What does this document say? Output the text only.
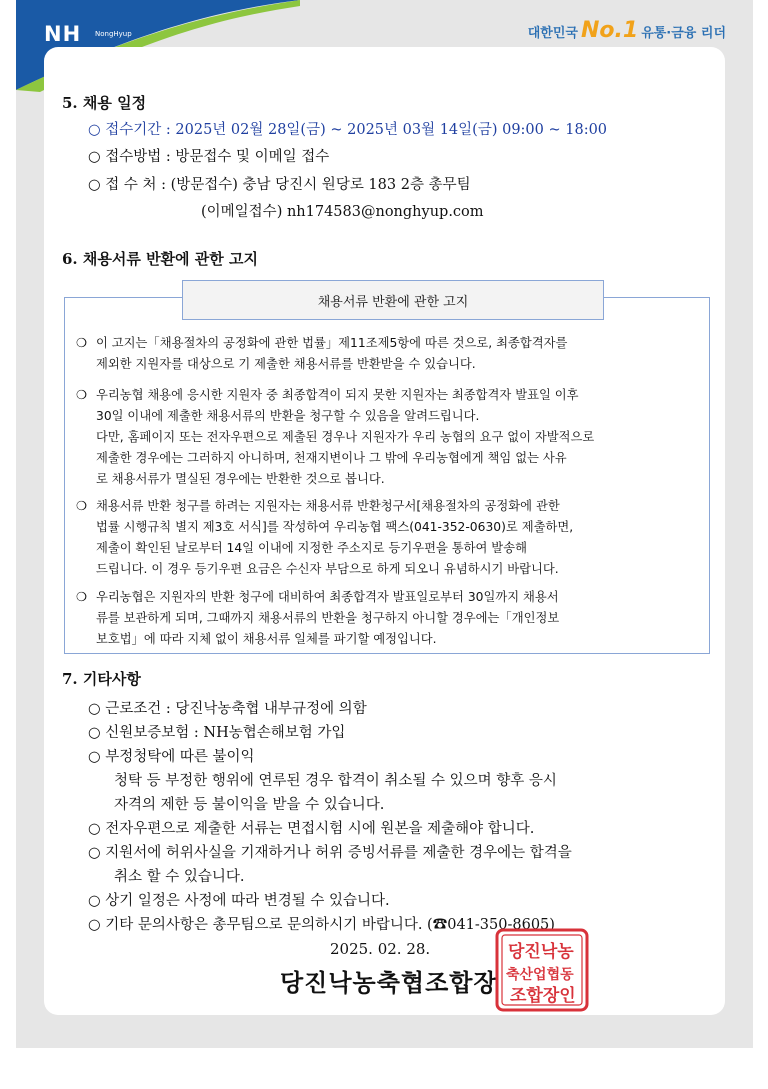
NH NongHyup	대한민국 No.1 유통·금융 리더
5. 채용 일정
○ 접수기간 : 2025년 02월 28일(금) ~ 2025년 03월 14일(금) 09:00 ~ 18:00
○ 접수방법 : 방문접수 및 이메일 접수
○ 접 수 처 : (방문접수) 충남 당진시 원당로 183 2층 총무팀
(이메일접수) nh174583@nonghyup.com
6. 채용서류 반환에 관한 고지
채용서류 반환에 관한 고지
❍ 이 고지는「채용절차의 공정화에 관한 법률」제11조제5항에 따른 것으로, 최종합격자를
제외한 지원자를 대상으로 기 제출한 채용서류를 반환받을 수 있습니다.
❍ 우리농협 채용에 응시한 지원자 중 최종합격이 되지 못한 지원자는 최종합격자 발표일 이후
30일 이내에 제출한 채용서류의 반환을 청구할 수 있음을 알려드립니다.
다만, 홈페이지 또는 전자우편으로 제출된 경우나 지원자가 우리 농협의 요구 없이 자발적으로
제출한 경우에는 그러하지 아니하며, 천재지변이나 그 밖에 우리농협에게 책임 없는 사유
로 채용서류가 멸실된 경우에는 반환한 것으로 봅니다.
❍ 채용서류 반환 청구를 하려는 지원자는 채용서류 반환청구서[채용절차의 공정화에 관한
법률 시행규칙 별지 제3호 서식]를 작성하여 우리농협 팩스(041-352-0630)로 제출하면,
제출이 확인된 날로부터 14일 이내에 지정한 주소지로 등기우편을 통하여 발송해
드립니다. 이 경우 등기우편 요금은 수신자 부담으로 하게 되오니 유념하시기 바랍니다.
❍ 우리농협은 지원자의 반환 청구에 대비하여 최종합격자 발표일로부터 30일까지 채용서
류를 보관하게 되며, 그때까지 채용서류의 반환을 청구하지 아니할 경우에는「개인정보
보호법」에 따라 지체 없이 채용서류 일체를 파기할 예정입니다.
7. 기타사항
○ 근로조건 : 당진낙농축협 내부규정에 의함
○ 신원보증보험 : NH농협손해보험 가입
○ 부정청탁에 따른 불이익
청탁 등 부정한 행위에 연루된 경우 합격이 취소될 수 있으며 향후 응시
자격의 제한 등 불이익을 받을 수 있습니다.
○ 전자우편으로 제출한 서류는 면접시험 시에 원본을 제출해야 합니다.
○ 지원서에 허위사실을 기재하거나 허위 증빙서류를 제출한 경우에는 합격을
취소 할 수 있습니다.
○ 상기 일정은 사정에 따라 변경될 수 있습니다.
○ 기타 문의사항은 총무팀으로 문의하시기 바랍니다. (☎041-350-8605)
2025. 02. 28.
당진낙농축협조합장
당진낙농
축산업협동
조합장인
